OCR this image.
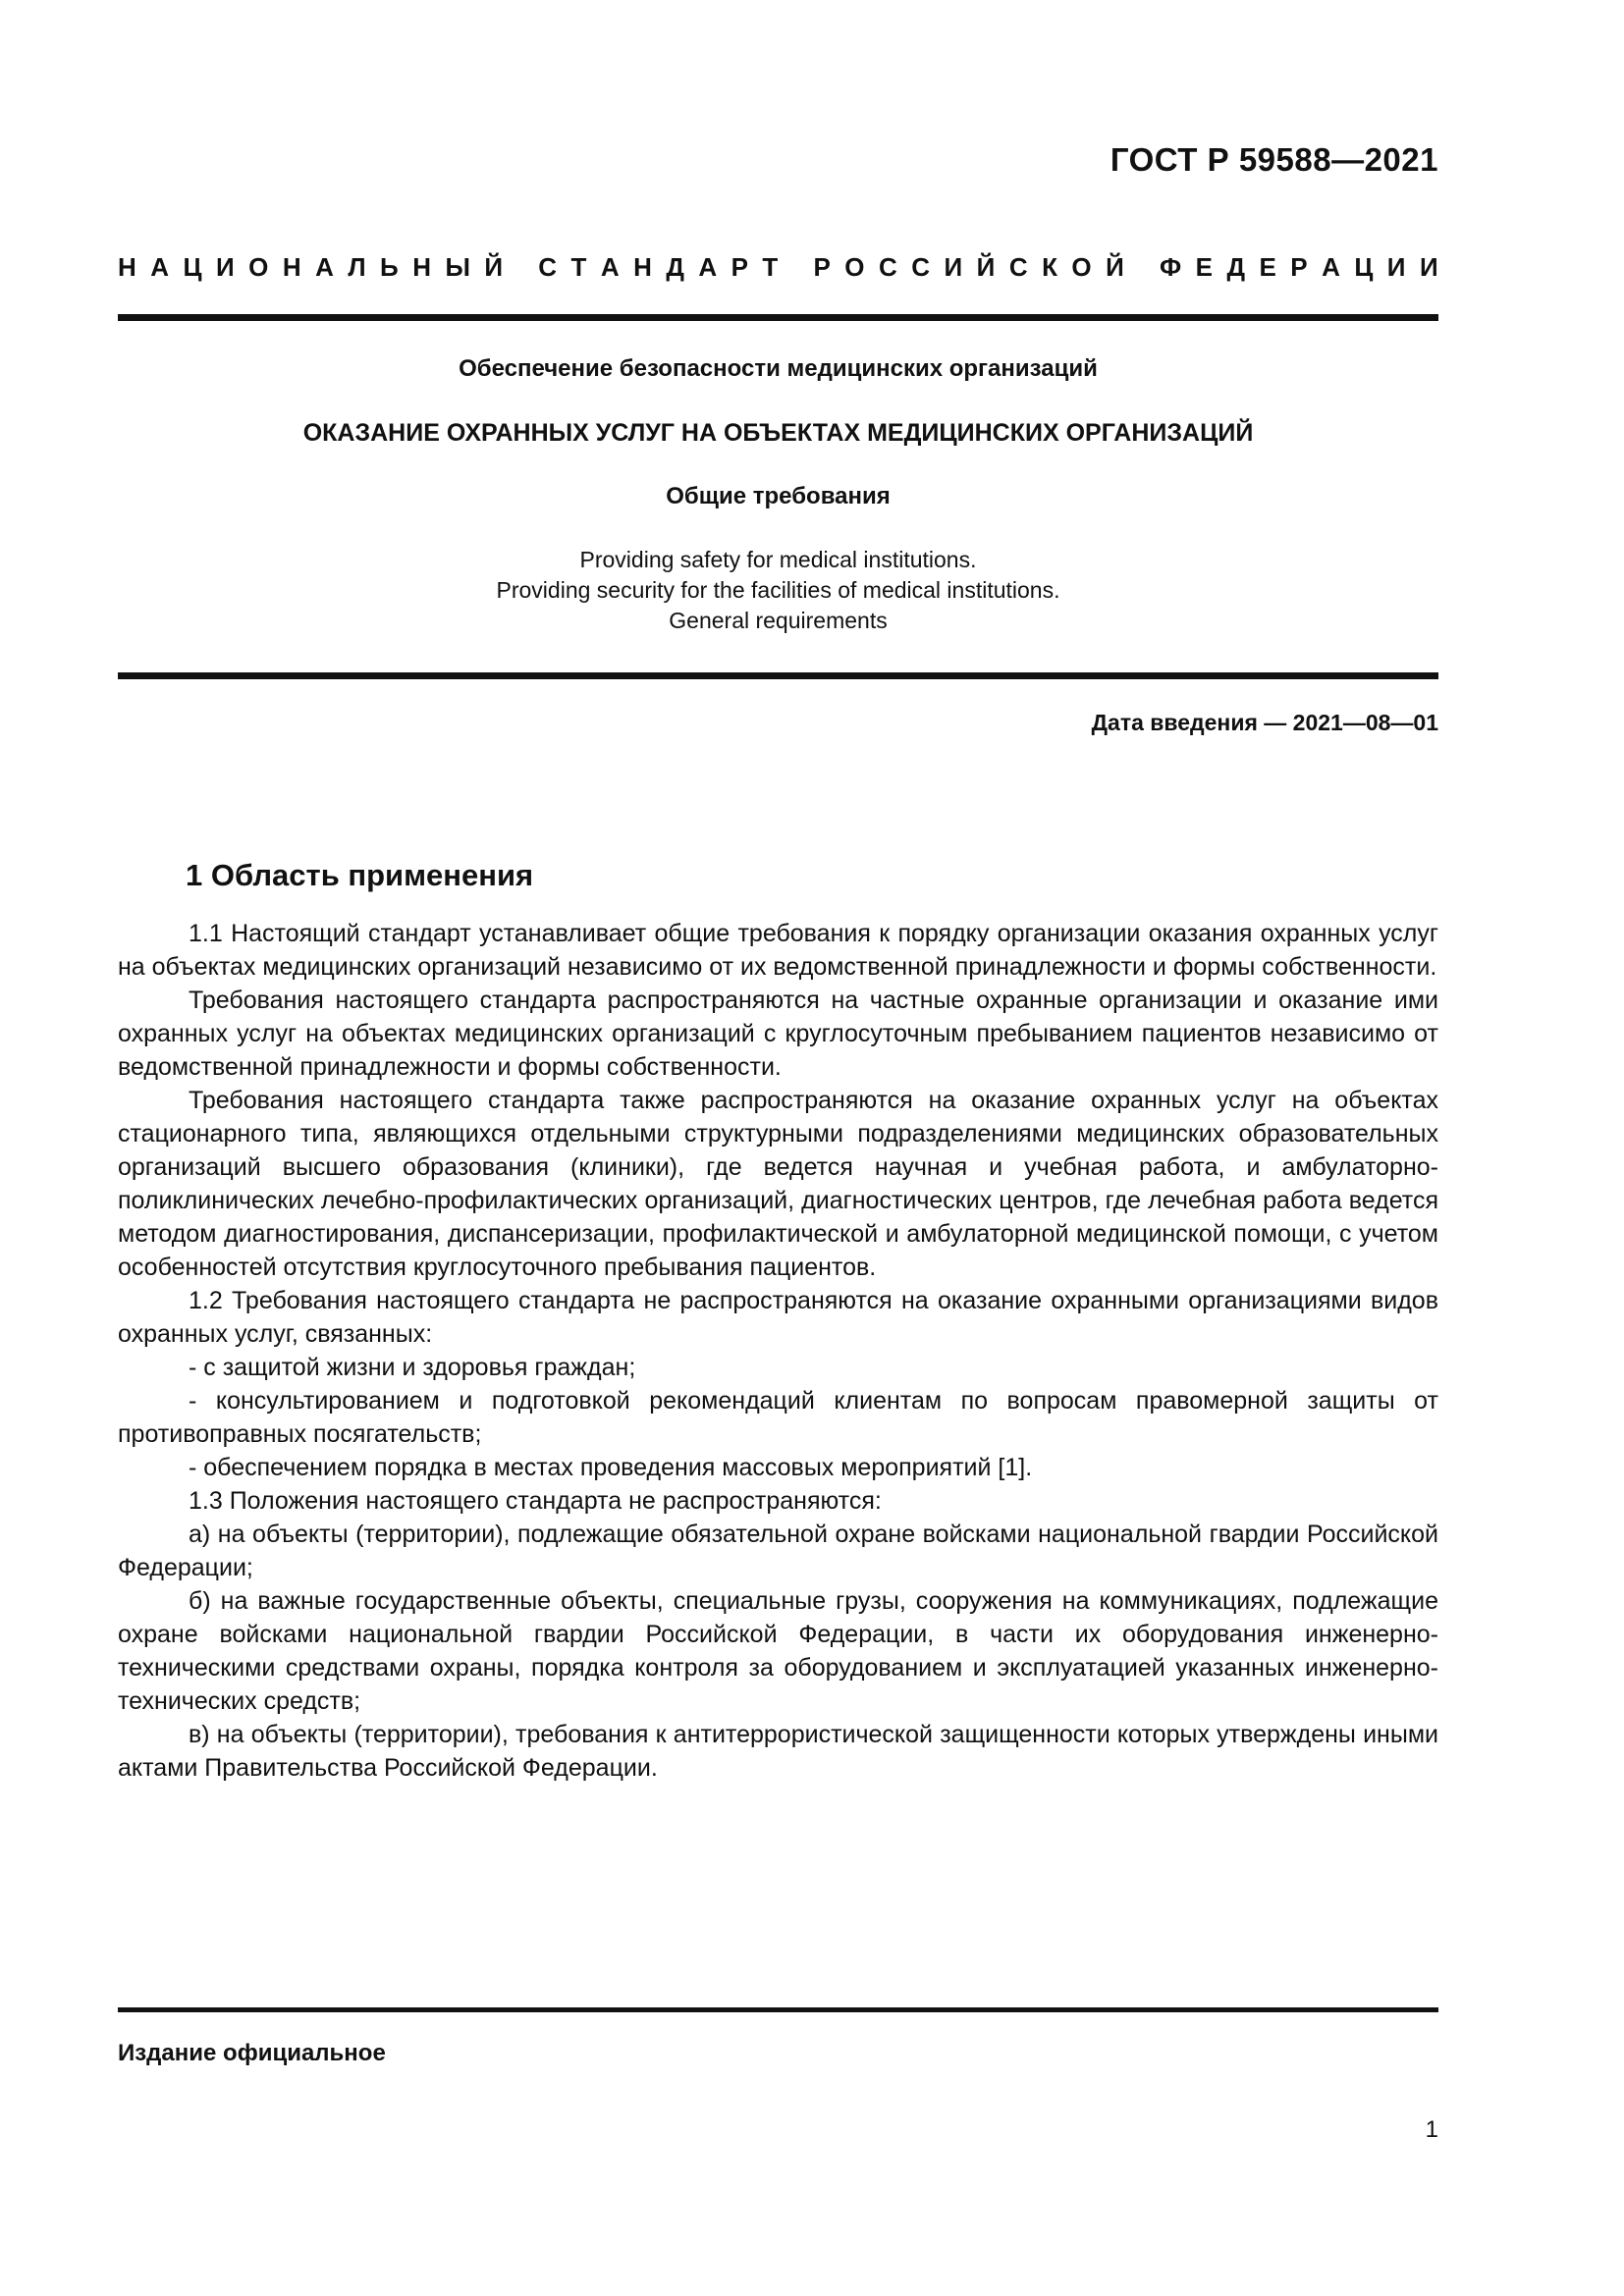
ГОСТ Р 59588—2021
Н А Ц И О Н А Л Ь Н Ы Й
С Т А Н Д А Р Т
Р О С С И Й С К О Й
Ф Е Д Е Р А Ц И И
Обеспечение безопасности медицинских организаций
ОКАЗАНИЕ ОХРАННЫХ УСЛУГ НА ОБЪЕКТАХ МЕДИЦИНСКИХ ОРГАНИЗАЦИЙ
Общие требования
Providing safety for medical institutions.
Providing security for the facilities of medical institutions.
General requirements
Дата введения — 2021—08—01
1 Область применения

1.1 Настоящий стандарт устанавливает общие требования к порядку организации оказания охранных услуг на объектах медицинских организаций независимо от их ведомственной принадлежности и формы собственности.

Требования настоящего стандарта распространяются на частные охранные организации и оказание ими охранных услуг на объектах медицинских организаций с круглосуточным пребыванием пациентов независимо от ведомственной принадлежности и формы собственности.

Требования настоящего стандарта также распространяются на оказание охранных услуг на объектах стационарного типа, являющихся отдельными структурными подразделениями медицинских образовательных организаций высшего образования (клиники), где ведется научная и учебная работа, и амбулаторно-поликлинических лечебно-профилактических организаций, диагностических центров, где лечебная работа ведется методом диагностирования, диспансеризации, профилактической и амбулаторной медицинской помощи, с учетом особенностей отсутствия круглосуточного пребывания пациентов.

1.2 Требования настоящего стандарта не распространяются на оказание охранными организациями видов охранных услуг, связанных:

- с защитой жизни и здоровья граждан;

- консультированием и подготовкой рекомендаций клиентам по вопросам правомерной защиты от противоправных посягательств;

- обеспечением порядка в местах проведения массовых мероприятий [1].

1.3 Положения настоящего стандарта не распространяются:

а) на объекты (территории), подлежащие обязательной охране войсками национальной гвардии Российской Федерации;

б) на важные государственные объекты, специальные грузы, сооружения на коммуникациях, подлежащие охране войсками национальной гвардии Российской Федерации, в части их оборудования инженерно-техническими средствами охраны, порядка контроля за оборудованием и эксплуатацией указанных инженерно-технических средств;

в) на объекты (территории), требования к антитеррористической защищенности которых утверждены иными актами Правительства Российской Федерации.

Издание официальное
1
